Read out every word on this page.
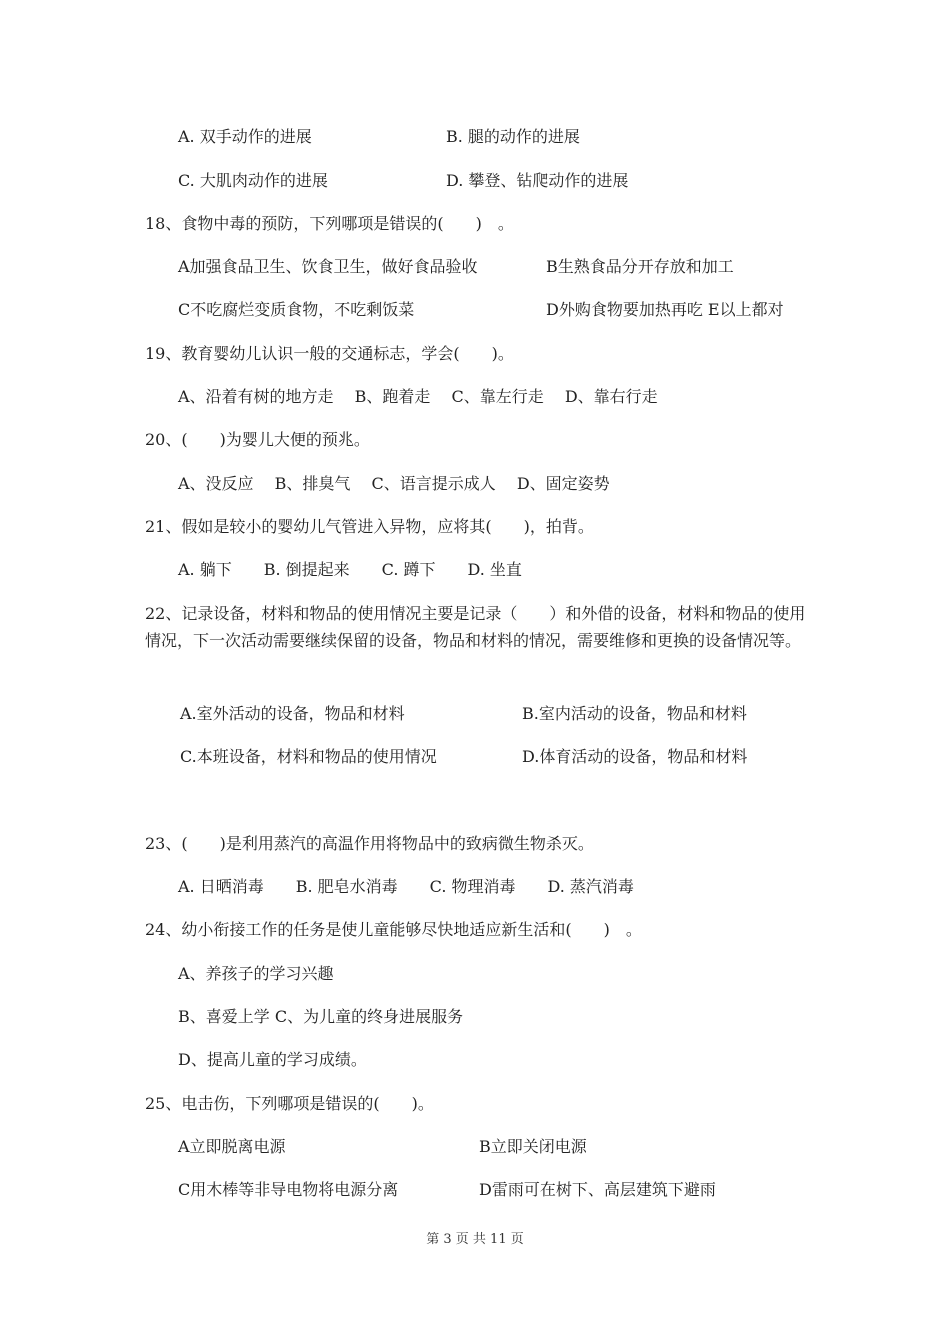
A. 双手动作的进展	B. 腿的动作的进展
C. 大肌肉动作的进展	D. 攀登、钻爬动作的进展
18、食物中毒的预防，下列哪项是错误的(　　)　。
A加强食品卫生、饮食卫生，做好食品验收	B生熟食品分开存放和加工
C不吃腐烂变质食物，不吃剩饭菜	D外购食物要加热再吃 E以上都对
19、教育婴幼儿认识一般的交通标志，学会(　　)。
A、沿着有树的地方走　 B、跑着走　 C、靠左行走　 D、靠右行走
20、(　　)为婴儿大便的预兆。
A、没反应　 B、排臭气　 C、语言提示成人　 D、固定姿势
21、假如是较小的婴幼儿气管进入异物，应将其(　　)，拍背。
A. 躺下　　B. 倒提起来　　C. 蹲下　　D. 坐直
22、记录设备，材料和物品的使用情况主要是记录（　　）和外借的设备，材料和物品的使用情况，下一次活动需要继续保留的设备，物品和材料的情况，需要维修和更换的设备情况等。
A.室外活动的设备，物品和材料	B.室内活动的设备，物品和材料
C.本班设备，材料和物品的使用情况	D.体育活动的设备，物品和材料
23、(　　)是利用蒸汽的高温作用将物品中的致病微生物杀灭。
A. 日晒消毒　　B. 肥皂水消毒　　C. 物理消毒　　D. 蒸汽消毒
24、幼小衔接工作的任务是使儿童能够尽快地适应新生活和(　　)　。
A、养孩子的学习兴趣
B、喜爱上学 C、为儿童的终身进展服务
D、提高儿童的学习成绩。
25、电击伤，下列哪项是错误的(　　)。
A立即脱离电源	B立即关闭电源
C用木棒等非导电物将电源分离	D雷雨可在树下、高层建筑下避雨
第 3 页 共 11 页
